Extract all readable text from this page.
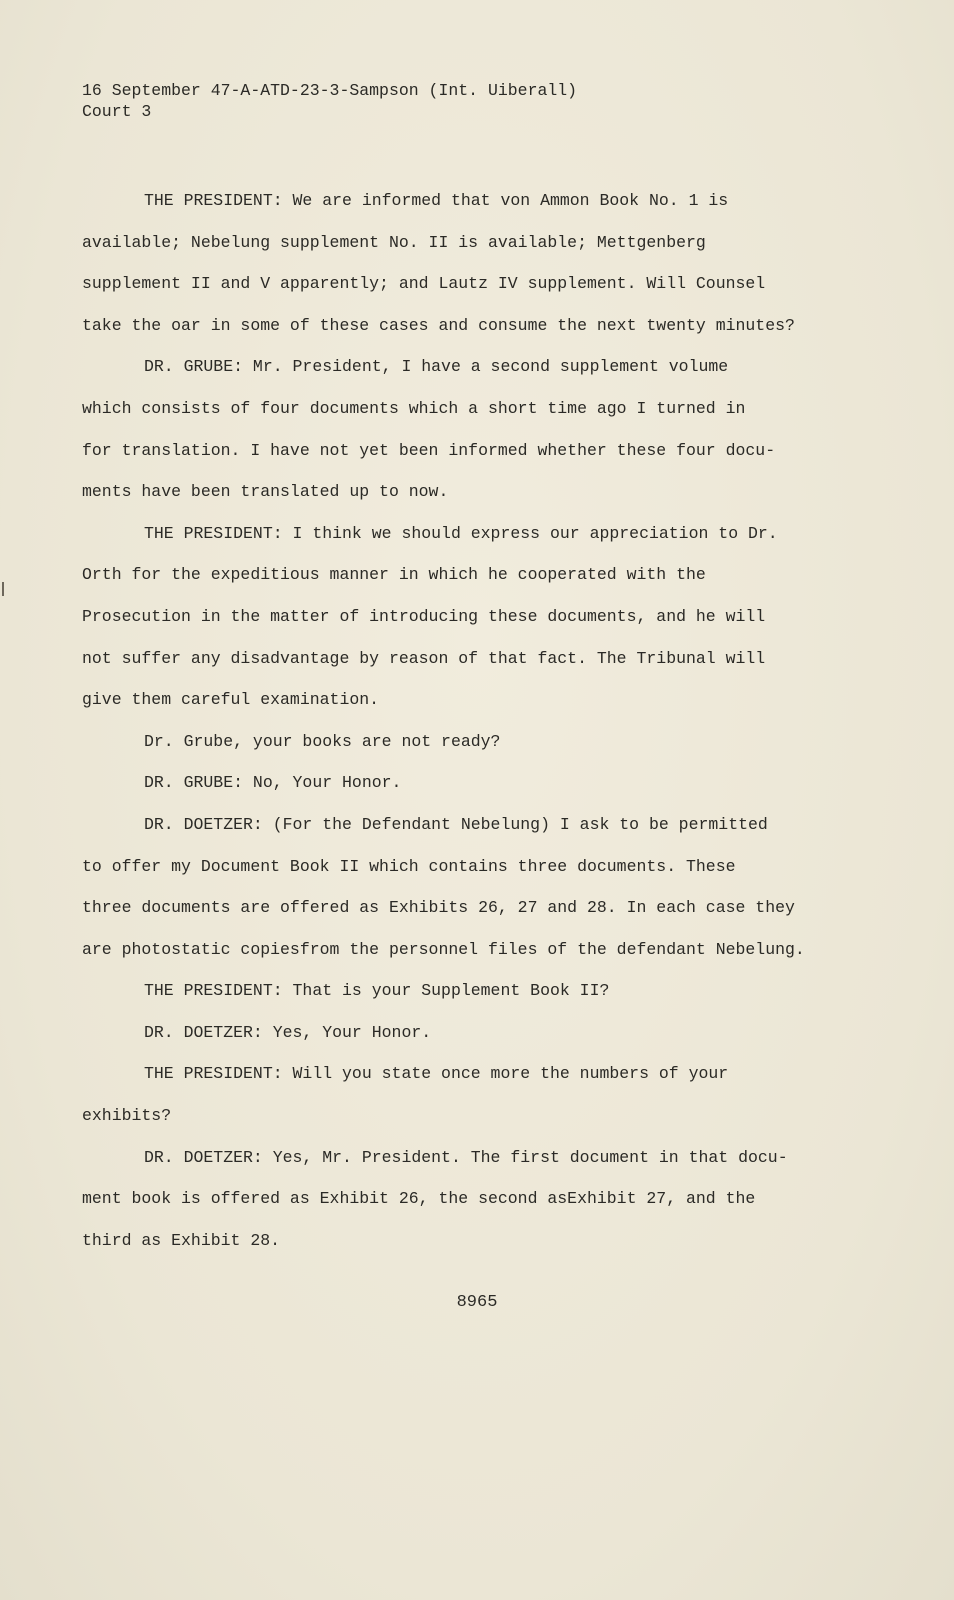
16 September 47-A-ATD-23-3-Sampson (Int. Uiberall)
Court 3
THE PRESIDENT: We are informed that von Ammon Book No. 1 is
available; Nebelung supplement No. II is available; Mettgenberg
supplement II and V apparently; and Lautz IV supplement. Will Counsel
take the oar in some of these cases and consume the next twenty minutes?
DR. GRUBE: Mr. President, I have a second supplement volume
which consists of four documents which a short time ago I turned in
for translation. I have not yet been informed whether these four docu-
ments have been translated up to now.
THE PRESIDENT: I think we should express our appreciation to Dr.
Orth for the expeditious manner in which he cooperated with the
Prosecution in the matter of introducing these documents, and he will
not suffer any disadvantage by reason of that fact. The Tribunal will
give them careful examination.
Dr. Grube, your books are not ready?
DR. GRUBE: No, Your Honor.
DR. DOETZER: (For the Defendant Nebelung) I ask to be permitted
to offer my Document Book II which contains three documents. These
three documents are offered as Exhibits 26, 27 and 28. In each case they
are photostatic copiesfrom the personnel files of the defendant Nebelung.
THE PRESIDENT: That is your Supplement Book II?
DR. DOETZER: Yes, Your Honor.
THE PRESIDENT: Will you state once more the numbers of your
exhibits?
DR. DOETZER: Yes, Mr. President. The first document in that docu-
ment book is offered as Exhibit 26, the second asExhibit 27, and the
third as Exhibit 28.
8965
